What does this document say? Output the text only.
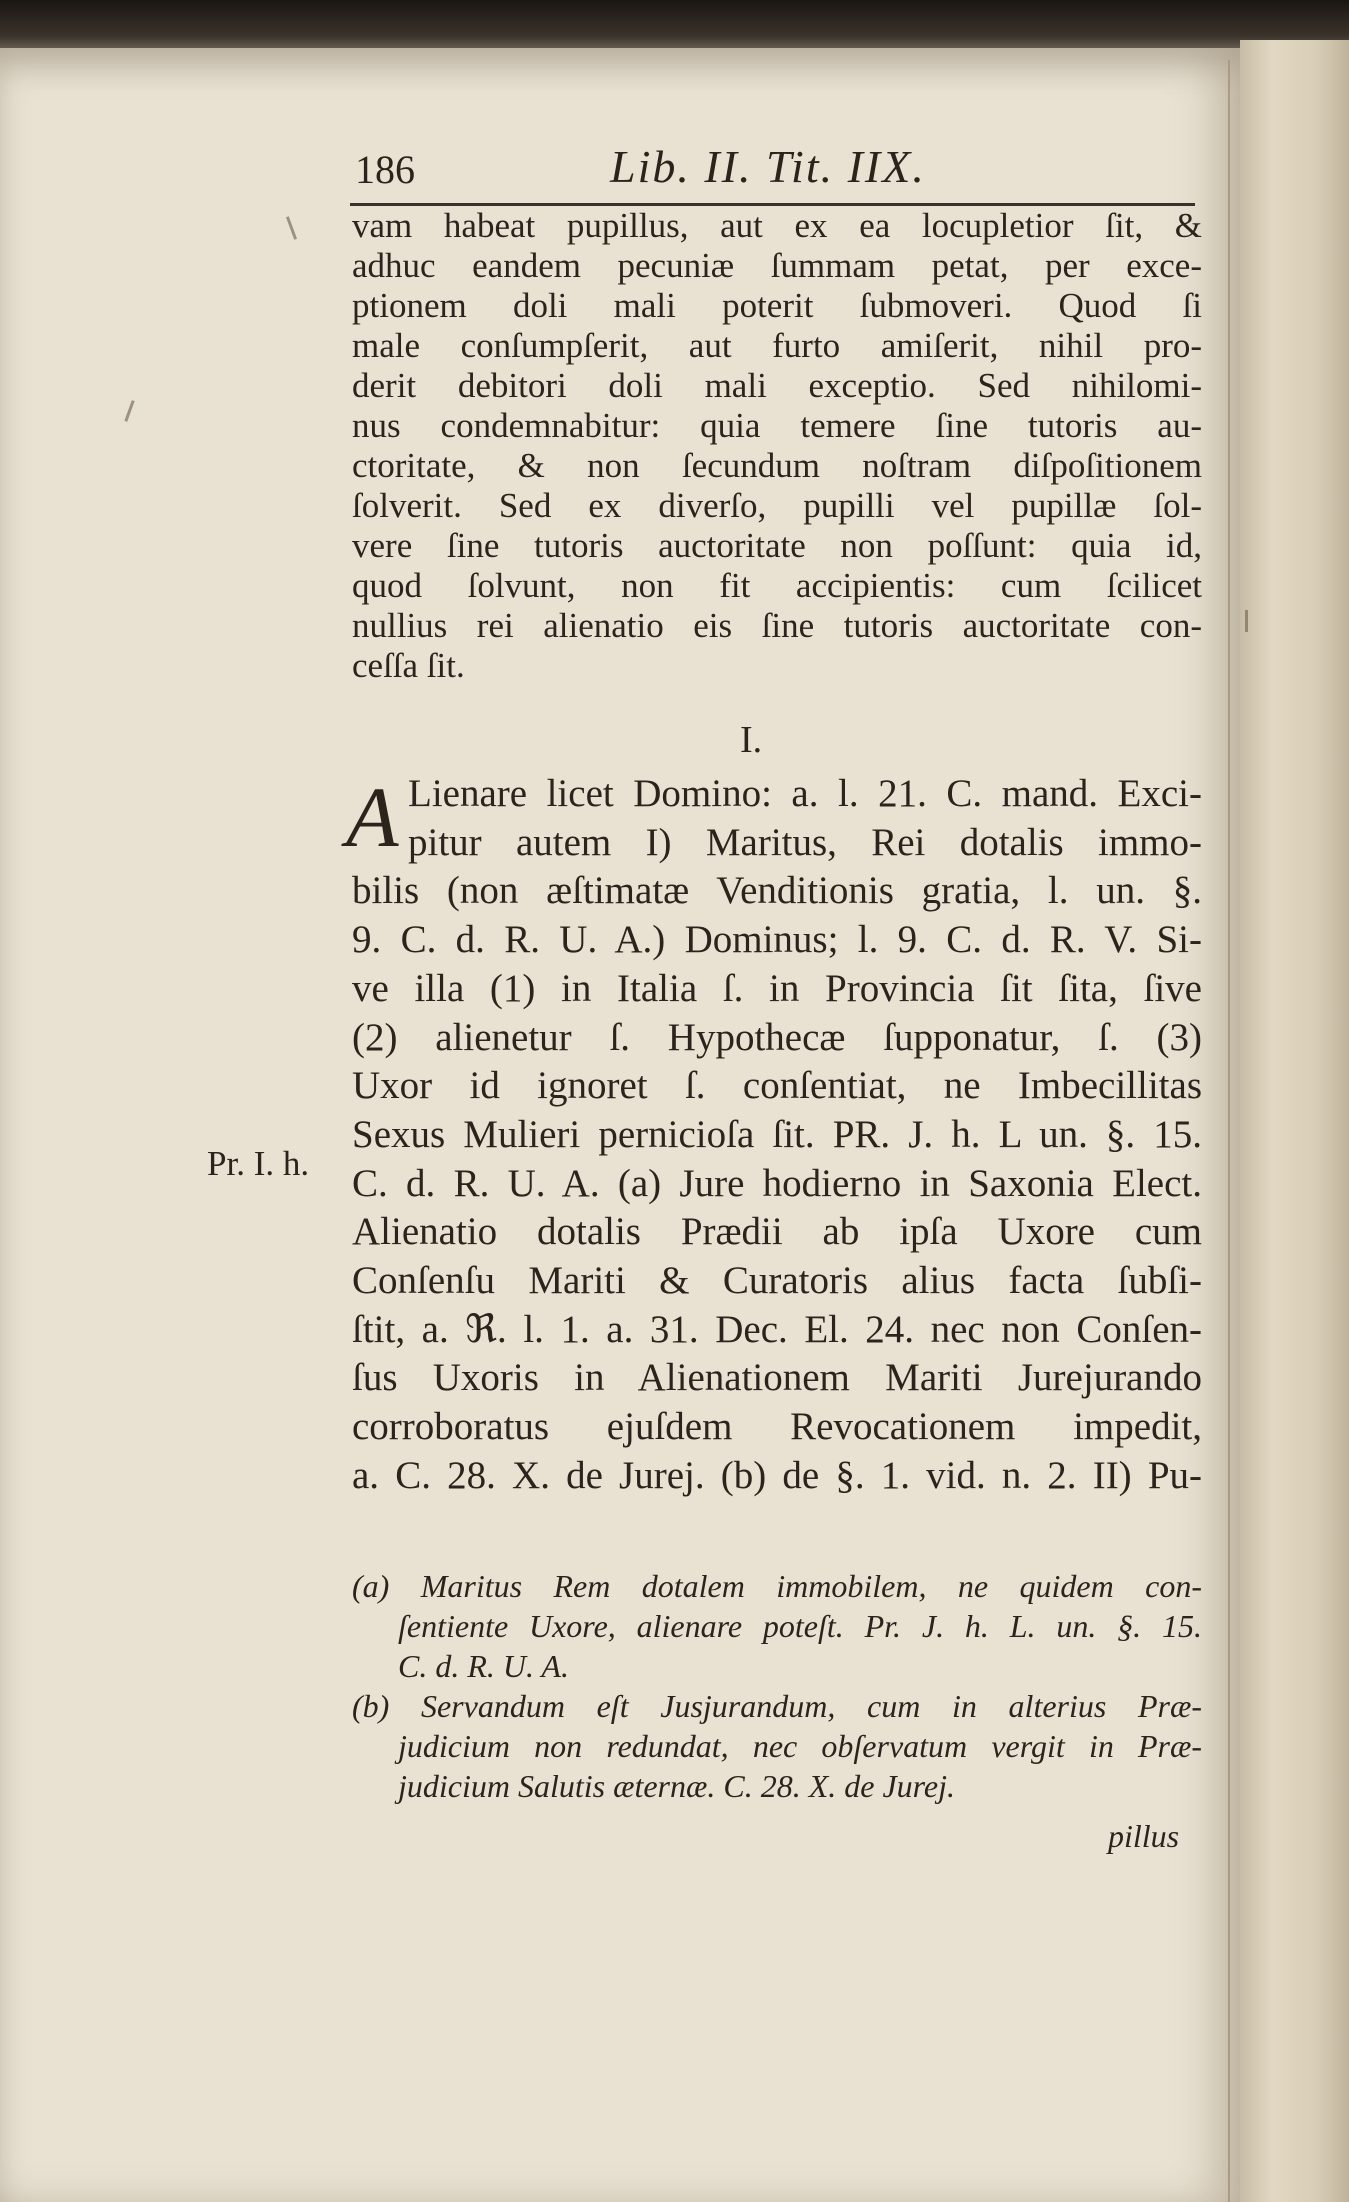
186	Lib. II. Tit. IIX.
vam habeat pupillus, aut ex ea locupletior ſit, &
adhuc eandem pecuniæ ſummam petat, per exce-
ptionem doli mali poterit ſubmoveri. Quod ſi
male conſumpſerit, aut furto amiſerit, nihil pro-
derit debitori doli mali exceptio. Sed nihilomi-
nus condemnabitur: quia temere ſine tutoris au-
ctoritate, & non ſecundum noſtram diſpoſitionem
ſolverit. Sed ex diverſo, pupilli vel pupillæ ſol-
vere ſine tutoris auctoritate non poſſunt: quia id,
quod ſolvunt, non fit accipientis: cum ſcilicet
nullius rei alienatio eis ſine tutoris auctoritate con-
ceſſa ſit.
I.
A Lienare licet Domino: a. l. 21. C. mand. Exci-
pitur autem I) Maritus, Rei dotalis immo-
bilis (non æſtimatæ Venditionis gratia, l. un. §.
9. C. d. R. U. A.) Dominus; l. 9. C. d. R. V. Si-
ve illa (1) in Italia ſ. in Provincia ſit ſita, ſive
(2) alienetur ſ. Hypothecæ ſupponatur, ſ. (3)
Uxor id ignoret ſ. conſentiat, ne Imbecillitas
Sexus Mulieri pernicioſa ſit. PR. J. h. L un. §. 15.
C. d. R. U. A. (a) Jure hodierno in Saxonia Elect.
Alienatio dotalis Prædii ab ipſa Uxore cum
Conſenſu Mariti & Curatoris alius facta ſubſi-
ſtit, a. ℜ. l. 1. a. 31. Dec. El. 24. nec non Conſen-
ſus Uxoris in Alienationem Mariti Jurejurando
corroboratus ejuſdem Revocationem impedit,
a. C. 28. X. de Jurej. (b) de §. 1. vid. n. 2. II) Pu-
Pr. I. h.
(a) Maritus Rem dotalem immobilem, ne quidem con-
ſentiente Uxore, alienare poteſt. Pr. J. h. L. un. §. 15.
C. d. R. U. A.
(b) Servandum eſt Jusjurandum, cum in alterius Præ-
judicium non redundat, nec obſervatum vergit in Præ-
judicium Salutis æternæ. C. 28. X. de Jurej.
pillus
